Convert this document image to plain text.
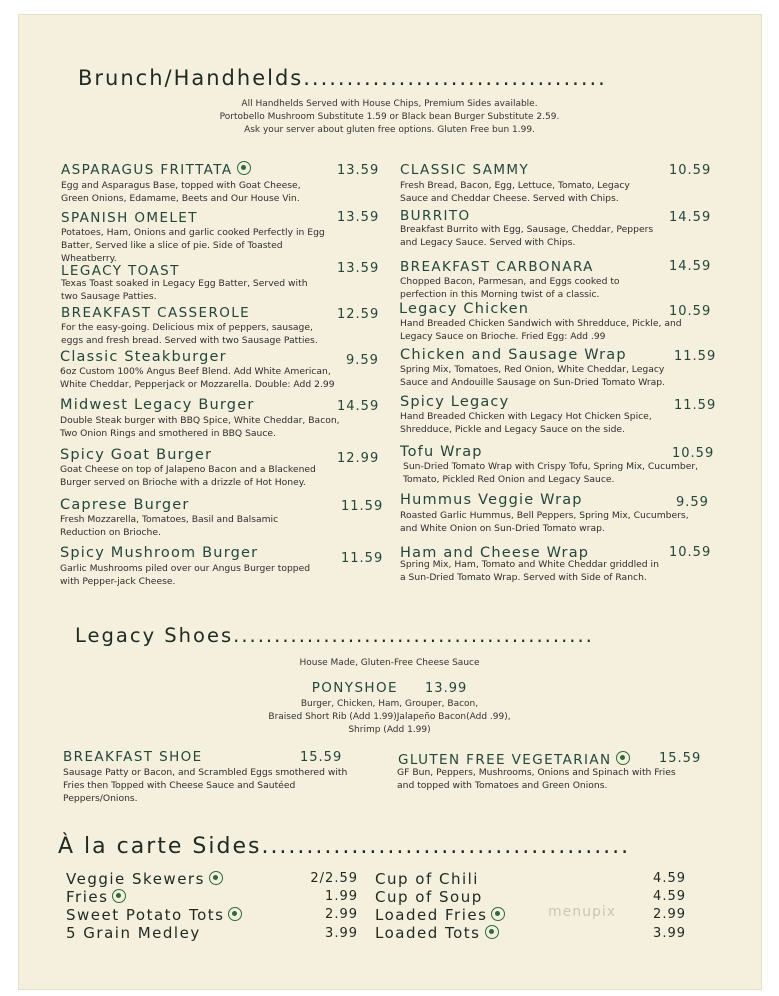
Brunch/Handhelds...................................
All Handhelds Served with House Chips, Premium Sides available.
Portobello Mushroom Substitute 1.59 or Black bean Burger Substitute 2.59.
Ask your server about gluten free options. Gluten Free bun 1.99.
ASPARAGUS FRITTATA	13.59
Egg and Asparagus Base, topped with Goat Cheese, Green Onions, Edamame, Beets and Our House Vin.
SPANISH OMELET	13.59
Potatoes, Ham, Onions and garlic cooked Perfectly in Egg Batter, Served like a slice of pie. Side of Toasted Wheatberry.
LEGACY TOAST	13.59
Texas Toast soaked in Legacy Egg Batter, Served with two Sausage Patties.
BREAKFAST CASSEROLE	12.59
For the easy-going. Delicious mix of peppers, sausage, eggs and fresh bread. Served with two Sausage Patties.
Classic Steakburger	9.59
6oz Custom 100% Angus Beef Blend. Add White American, White Cheddar, Pepperjack or Mozzarella. Double: Add 2.99
Midwest Legacy Burger	14.59
Double Steak burger with BBQ Spice, White Cheddar, Bacon, Two Onion Rings and smothered in BBQ Sauce.
Spicy Goat Burger	12.99
Goat Cheese on top of Jalapeno Bacon and a Blackened Burger served on Brioche with a drizzle of Hot Honey.
Caprese Burger	11.59
Fresh Mozzarella, Tomatoes, Basil and Balsamic Reduction on Brioche.
Spicy Mushroom Burger	11.59
Garlic Mushrooms piled over our Angus Burger topped with Pepper-jack Cheese.
CLASSIC SAMMY	10.59
Fresh Bread, Bacon, Egg, Lettuce, Tomato, Legacy Sauce and Cheddar Cheese. Served with Chips.
BURRITO	14.59
Breakfast Burrito with Egg, Sausage, Cheddar, Peppers and Legacy Sauce. Served with Chips.
BREAKFAST CARBONARA	14.59
Chopped Bacon, Parmesan, and Eggs cooked to perfection in this Morning twist of a classic.
Legacy Chicken	10.59
Hand Breaded Chicken Sandwich with Shredduce, Pickle, and Legacy Sauce on Brioche. Fried Egg: Add .99
Chicken and Sausage Wrap	11.59
Spring Mix, Tomatoes, Red Onion, White Cheddar, Legacy Sauce and Andouille Sausage on Sun-Dried Tomato Wrap.
Spicy Legacy	11.59
Hand Breaded Chicken with Legacy Hot Chicken Spice, Shredduce, Pickle and Legacy Sauce on the side.
Tofu Wrap	10.59
Sun-Dried Tomato Wrap with Crispy Tofu, Spring Mix, Cucumber, Tomato, Pickled Red Onion and Legacy Sauce.
Hummus Veggie Wrap	9.59
Roasted Garlic Hummus, Bell Peppers, Spring Mix, Cucumbers, and White Onion on Sun-Dried Tomato wrap.
Ham and Cheese Wrap	10.59
Spring Mix, Ham, Tomato and White Cheddar griddled in a Sun-Dried Tomato Wrap. Served with Side of Ranch.
Legacy Shoes............................................
House Made, Gluten-Free Cheese Sauce
PONYSHOE 13.99
Burger, Chicken, Ham, Grouper, Bacon,
Braised Short Rib (Add 1.99)Jalapeño Bacon(Add .99),
Shrimp (Add 1.99)
BREAKFAST SHOE	15.59
Sausage Patty or Bacon, and Scrambled Eggs smothered with Fries then Topped with Cheese Sauce and Sautéed Peppers/Onions.
GLUTEN FREE VEGETARIAN	15.59
GF Bun, Peppers, Mushrooms, Onions and Spinach with Fries and topped with Tomatoes and Green Onions.
À la carte Sides.........................................
Veggie Skewers	2/2.59
Fries	1.99
Sweet Potato Tots	2.99
5 Grain Medley	3.99
Cup of Chili	4.59
Cup of Soup	4.59
Loaded Fries	2.99
Loaded Tots	3.99
menupix
